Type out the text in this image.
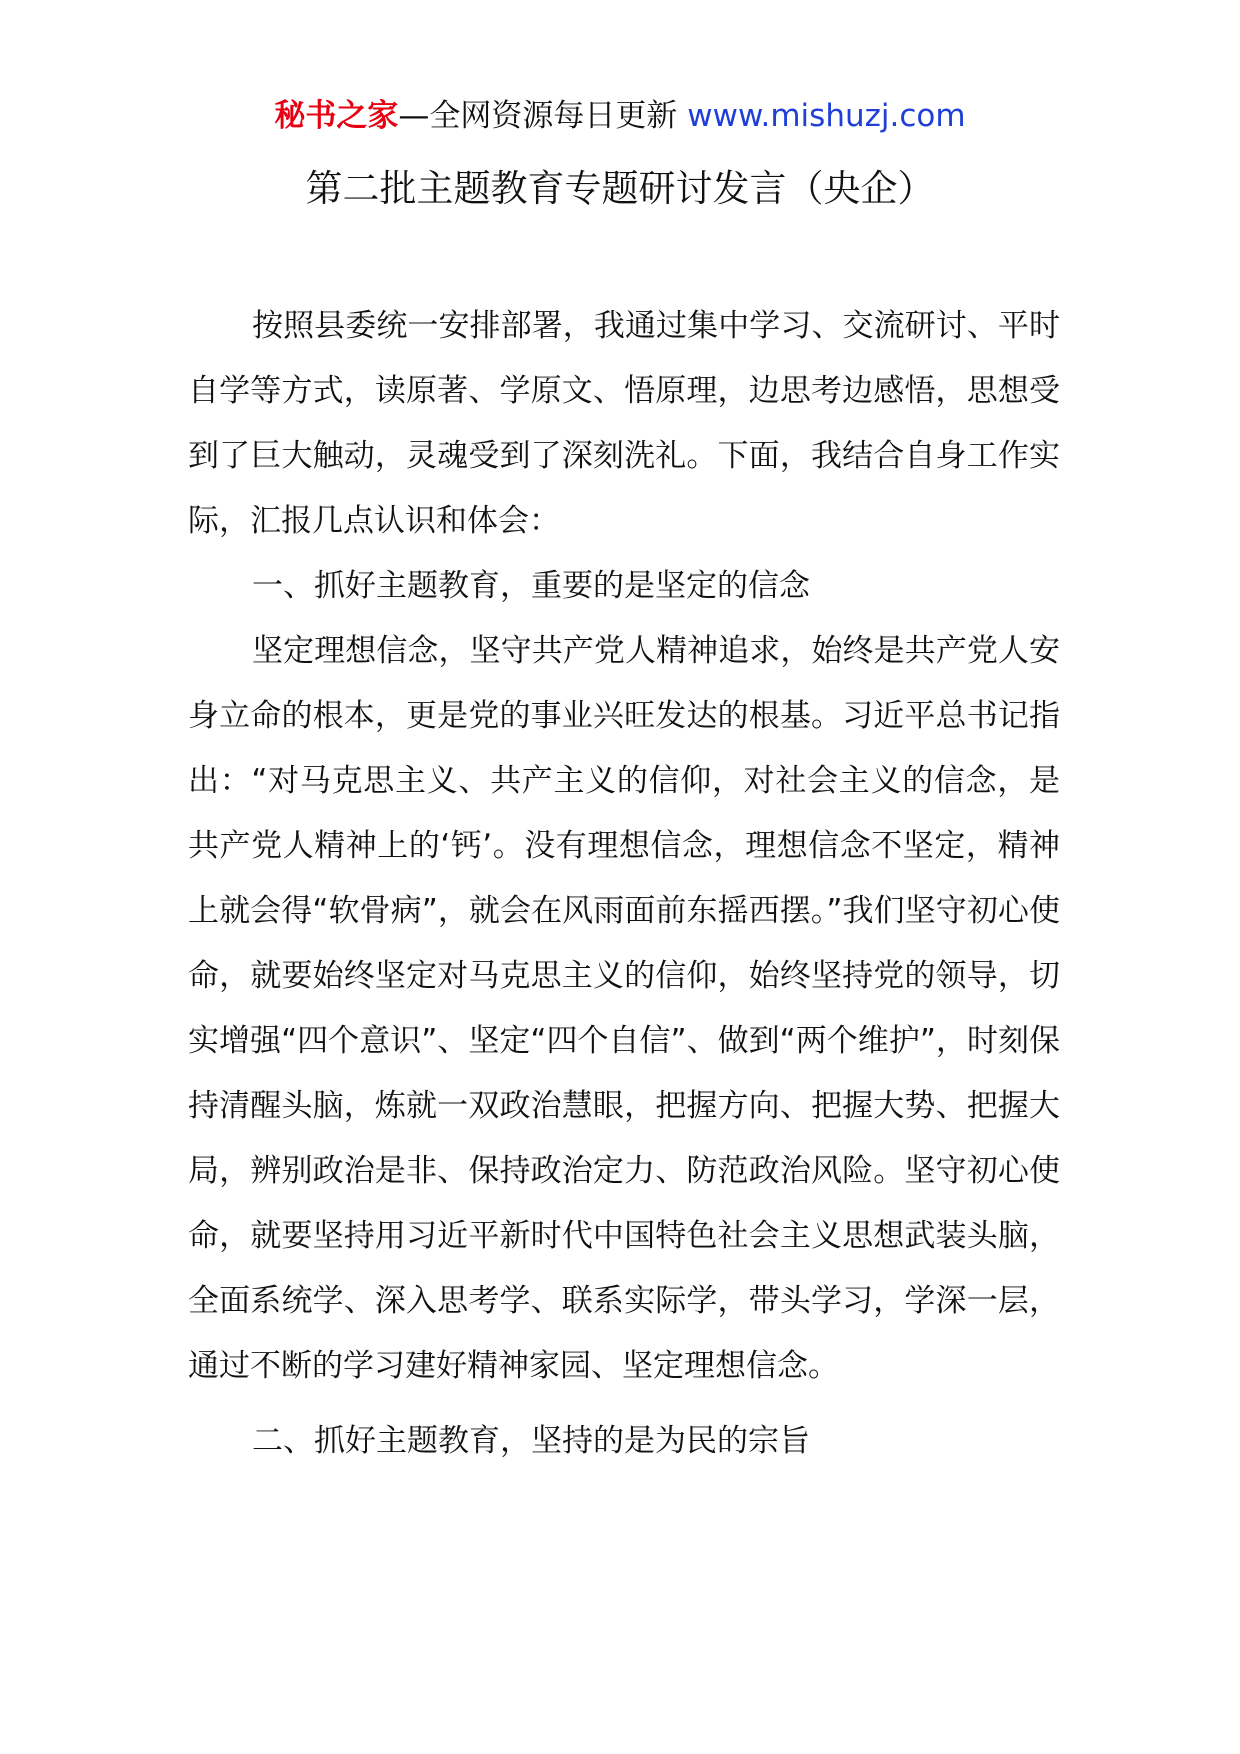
秘书之家—全网资源每日更新 www.mishuzj.com
第二批主题教育专题研讨发言（央企）

按照县委统一安排部署，我通过集中学习、交流研讨、平时自学等方式，读原著、学原文、悟原理，边思考边感悟，思想受到了巨大触动，灵魂受到了深刻洗礼。下面，我结合自身工作实际，汇报几点认识和体会：

一、抓好主题教育，重要的是坚定的信念

坚定理想信念，坚守共产党人精神追求，始终是共产党人安身立命的根本，更是党的事业兴旺发达的根基。习近平总书记指出：“对马克思主义、共产主义的信仰，对社会主义的信念，是共产党人精神上的‘钙’。没有理想信念，理想信念不坚定，精神上就会得“软骨病”，就会在风雨面前东摇西摆。”我们坚守初心使命，就要始终坚定对马克思主义的信仰，始终坚持党的领导，切实增强“四个意识”、坚定“四个自信”、做到“两个维护”，时刻保持清醒头脑，炼就一双政治慧眼，把握方向、把握大势、把握大局，辨别政治是非、保持政治定力、防范政治风险。坚守初心使命，就要坚持用习近平新时代中国特色社会主义思想武装头脑，全面系统学、深入思考学、联系实际学，带头学习，学深一层，通过不断的学习建好精神家园、坚定理想信念。

二、抓好主题教育，坚持的是为民的宗旨
